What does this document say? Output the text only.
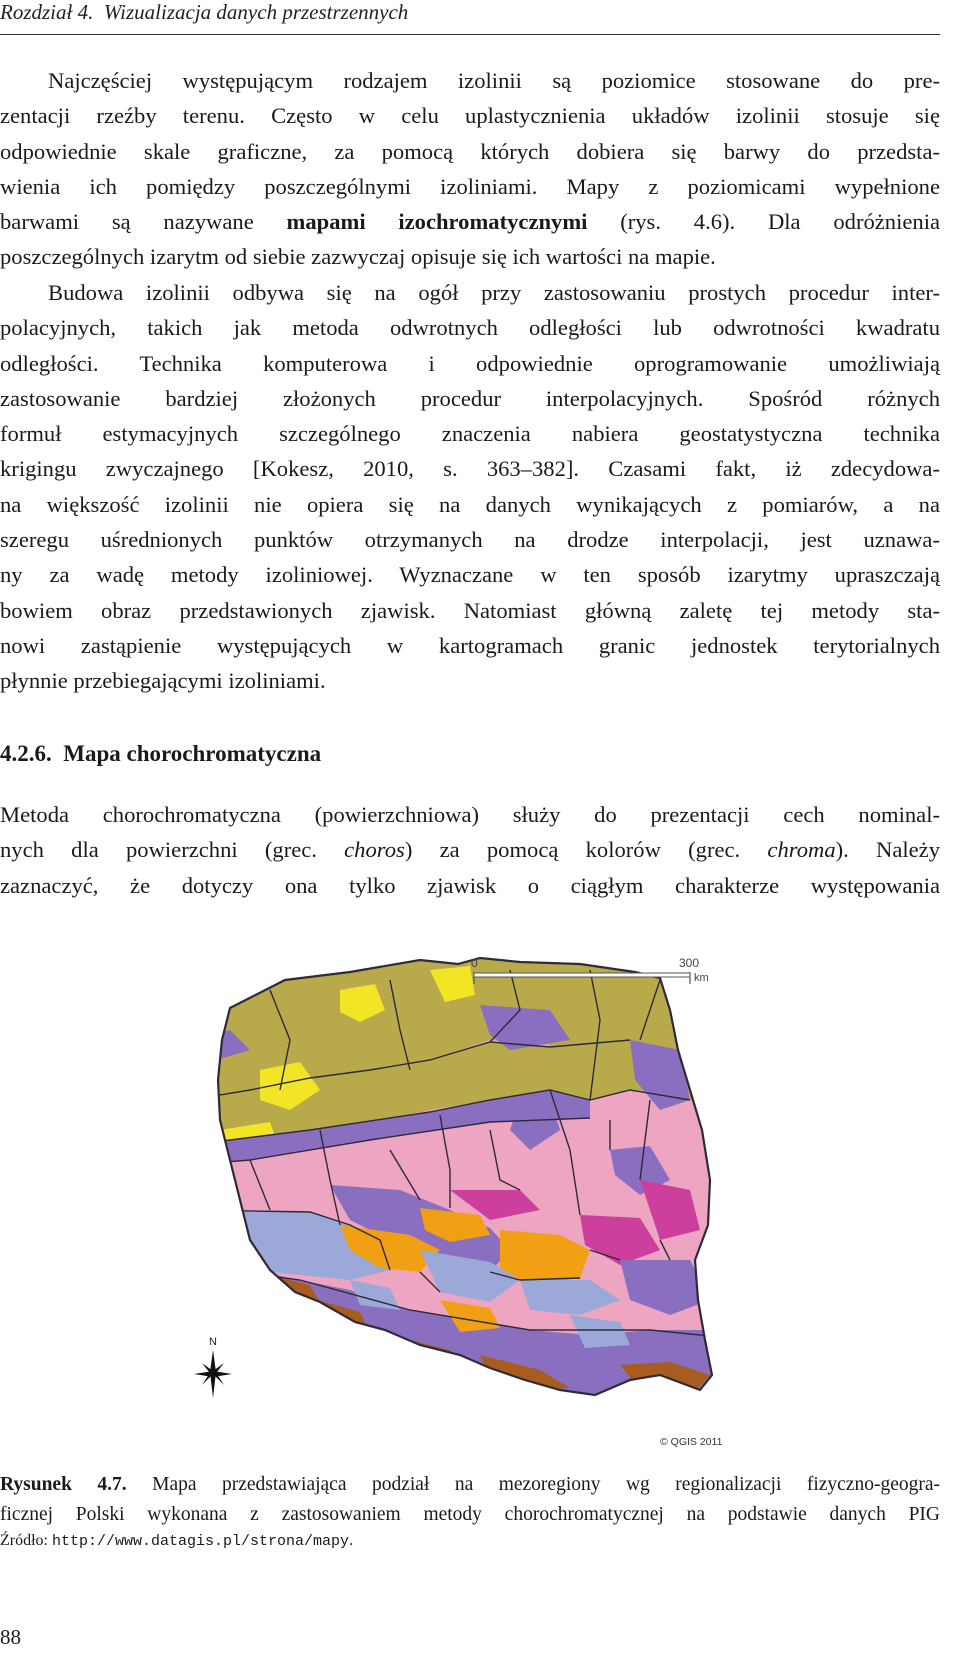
Rozdział 4. Wizualizacja danych przestrzennych
Najczęściej występującym rodzajem izolinii są poziomice stosowane do pre-
zentacji rzeźby terenu. Często w celu uplastycznienia układów izolinii stosuje się
odpowiednie skale graficzne, za pomocą których dobiera się barwy do przedsta-
wienia ich pomiędzy poszczególnymi izoliniami. Mapy z poziomicami wypełnione
barwami są nazywane mapami izochromatycznymi (rys. 4.6). Dla odróżnienia
poszczególnych izarytm od siebie zazwyczaj opisuje się ich wartości na mapie.
Budowa izolinii odbywa się na ogół przy zastosowaniu prostych procedur inter-
polacyjnych, takich jak metoda odwrotnych odległości lub odwrotności kwadratu
odległości. Technika komputerowa i odpowiednie oprogramowanie umożliwiają
zastosowanie bardziej złożonych procedur interpolacyjnych. Spośród różnych
formuł estymacyjnych szczególnego znaczenia nabiera geostatystyczna technika
krigingu zwyczajnego [Kokesz, 2010, s. 363–382]. Czasami fakt, iż zdecydowa-
na większość izolinii nie opiera się na danych wynikających z pomiarów, a na
szeregu uśrednionych punktów otrzymanych na drodze interpolacji, jest uznawa-
ny za wadę metody izoliniowej. Wyznaczane w ten sposób izarytmy upraszczają
bowiem obraz przedstawionych zjawisk. Natomiast główną zaletę tej metody sta-
nowi zastąpienie występujących w kartogramach granic jednostek terytorialnych
płynnie przebiegającymi izoliniami.
4.2.6. Mapa chorochromatyczna
Metoda chorochromatyczna (powierzchniowa) służy do prezentacji cech nominal-
nych dla powierzchni (grec. choros) za pomocą kolorów (grec. chroma). Należy
zaznaczyć, że dotyczy ona tylko zjawisk o ciągłym charakterze występowania
0	300
km
N
© QGIS 2011
Rysunek 4.7. Mapa przedstawiająca podział na mezoregiony wg regionalizacji fizyczno-geogra-
ficznej Polski wykonana z zastosowaniem metody chorochromatycznej na podstawie danych PIG
Źródło: http://www.datagis.pl/strona/mapy.
88
